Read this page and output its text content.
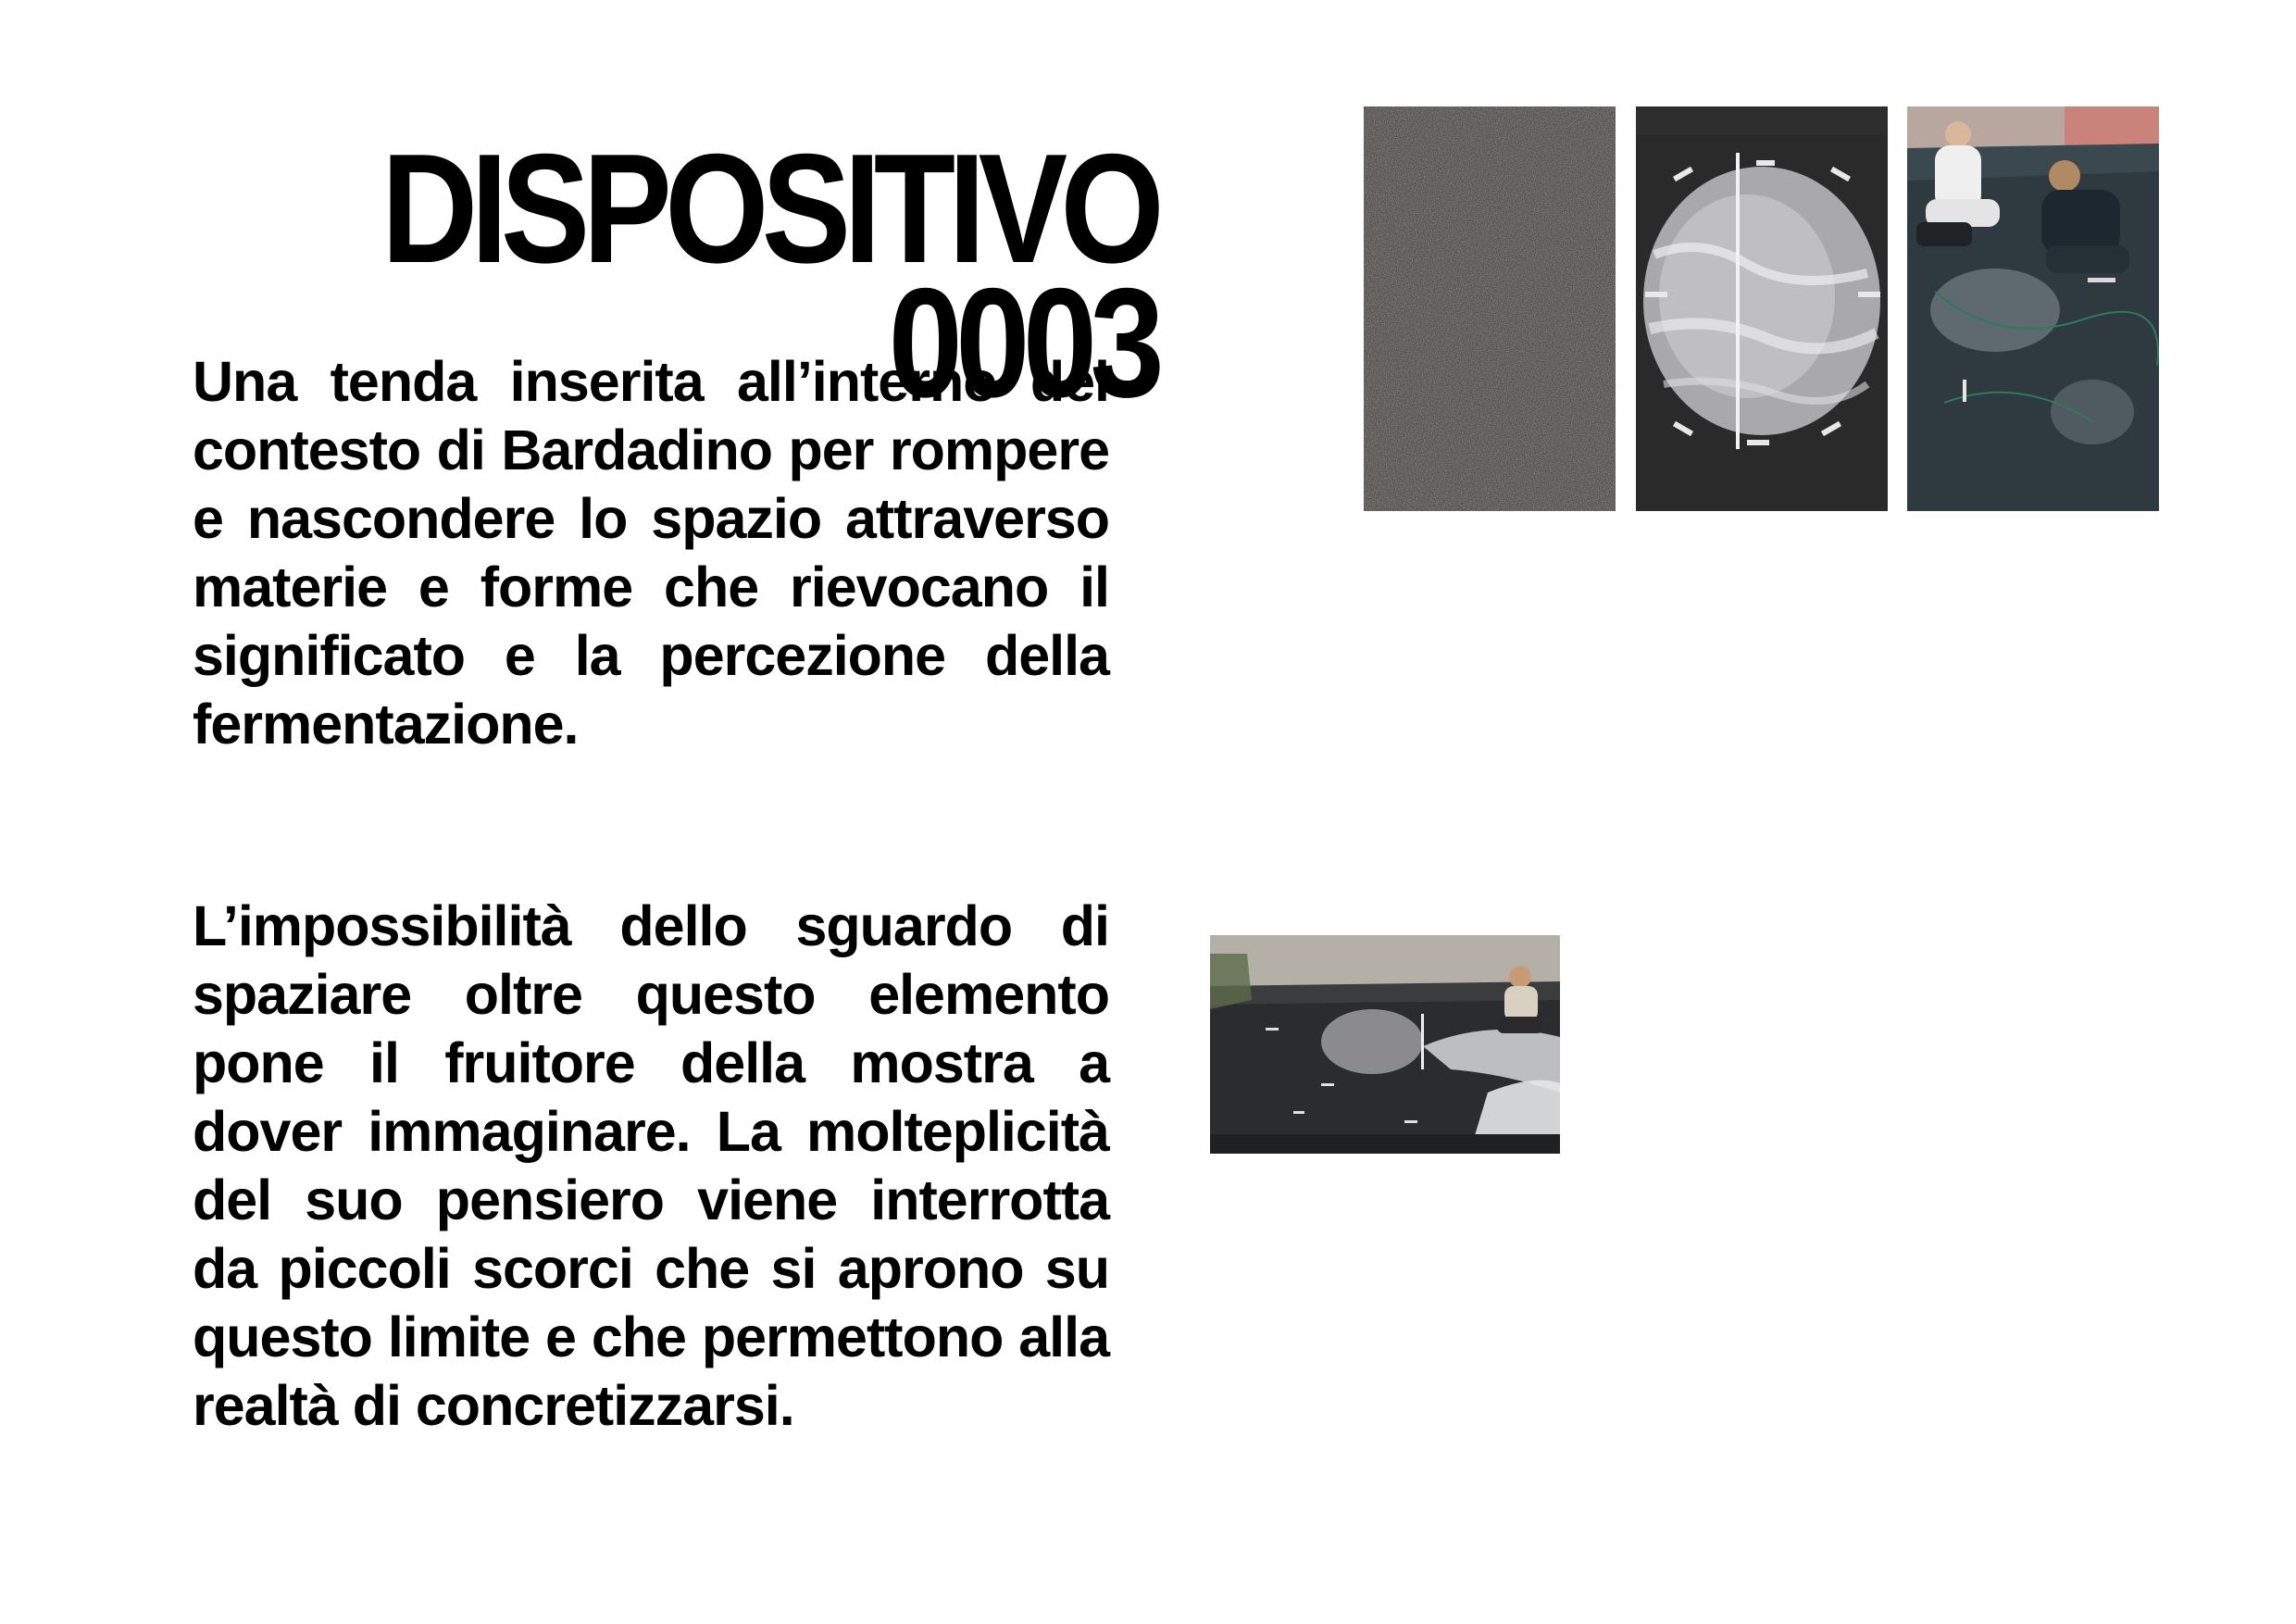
DISPOSITIVO
0003

Una tenda inserita all’interno del contesto di Bardadino per rompere e nascondere lo spazio attraverso materie e forme che rievocano il significato e la percezione della fermentazione.

L’impossibilità dello sguardo di spaziare oltre questo elemento pone il fruitore della mostra a dover immaginare. La molteplicità del suo pensiero viene interrotta da piccoli scorci che si aprono su questo limite e che permettono alla realtà di concretizzarsi.
